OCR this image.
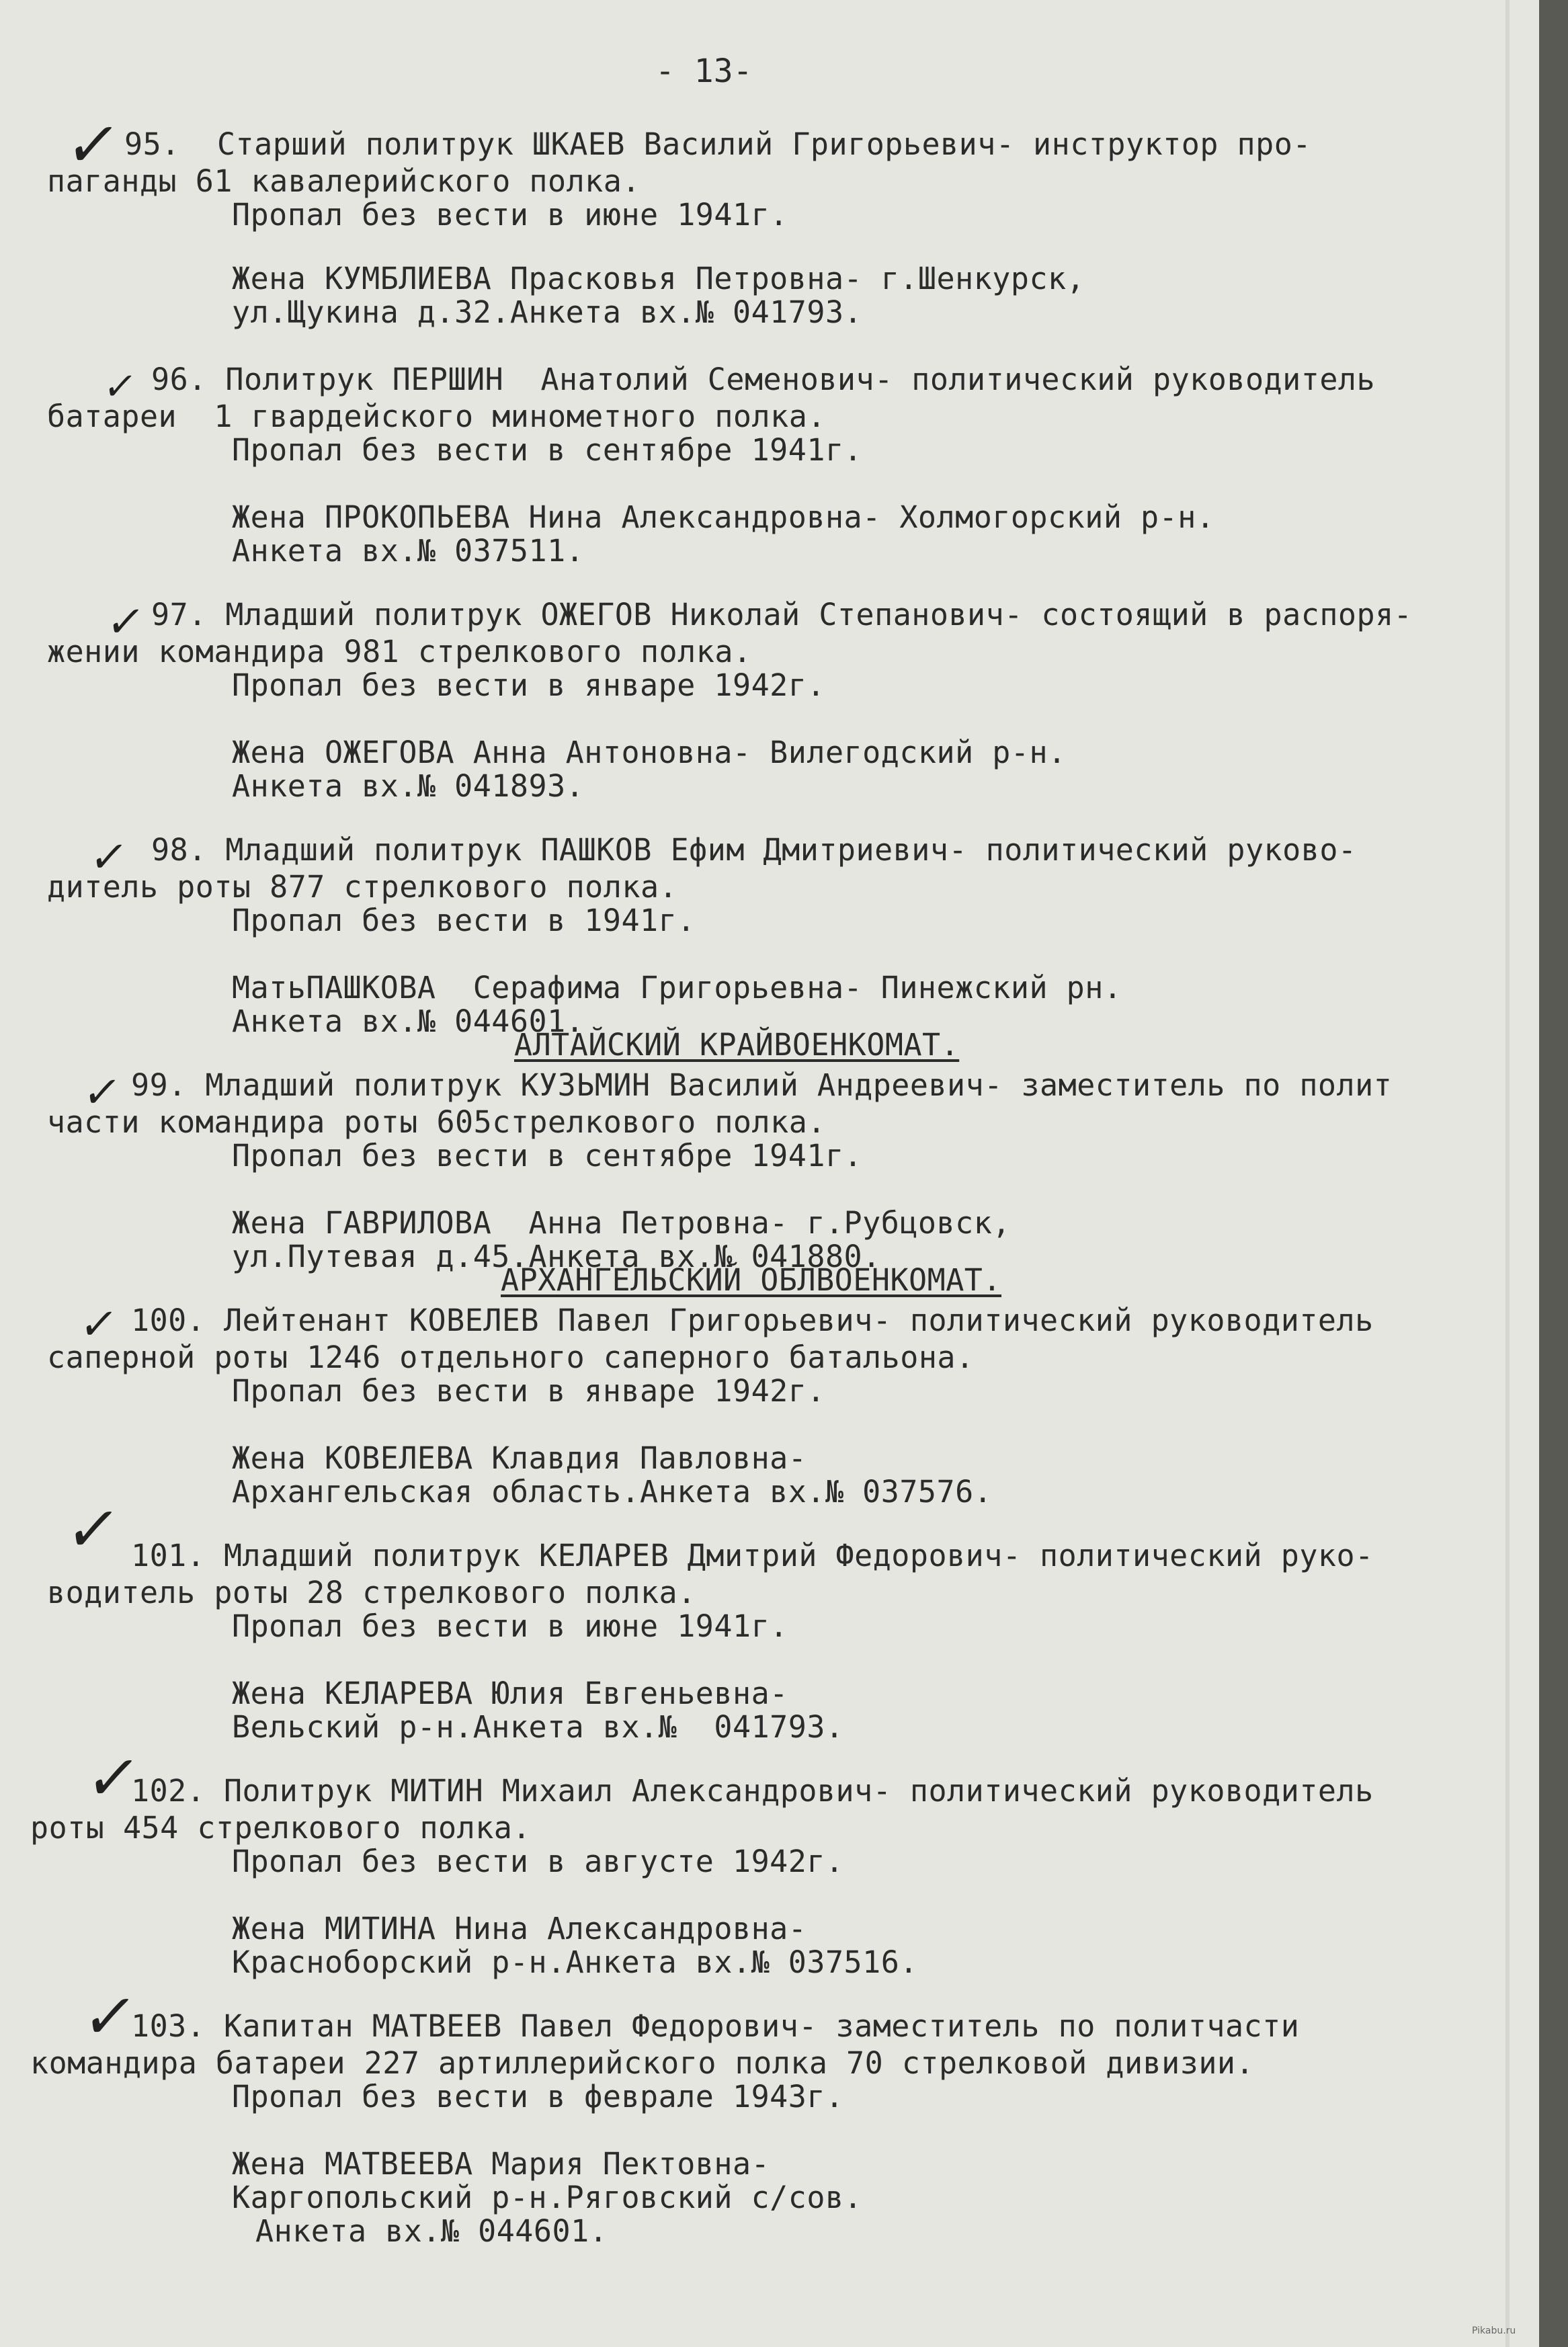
- 13-
✓
95.  Старший политрук ШКАЕВ Василий Григорьевич- инструктор про-
паганды 61 кавалерийского полка.
Пропал без вести в июне 1941г.
Жена КУМБЛИЕВА Прасковья Петровна- г.Шенкурск,
ул.Щукина д.32.Анкета вх.№ 041793.
✓ 96. Политрук ПЕРШИН  Анатолий Семенович- политический руководитель
батареи  1 гвардейского минометного полка.
Пропал без вести в сентябре 1941г.
Жена ПРОКОПЬЕВА Нина Александровна- Холмогорский р-н.
Анкета вх.№ 037511.
✓ 97. Младший политрук ОЖЕГОВ Николай Степанович- состоящий в распоря-
жении командира 981 стрелкового полка.
Пропал без вести в январе 1942г.
Жена ОЖЕГОВА Анна Антоновна- Вилегодский р-н.
Анкета вх.№ 041893.
✓ 98. Младший политрук ПАШКОВ Ефим Дмитриевич- политический руково-
дитель роты 877 стрелкового полка.
Пропал без вести в 1941г.
МатьПАШКОВА  Серафима Григорьевна- Пинежский рн.
Анкета вх.№ 044601.
АЛТАЙСКИЙ КРАЙВОЕНКОМАТ.
✓ 99. Младший политрук КУЗЬМИН Василий Андреевич- заместитель по полит
части командира роты 605стрелкового полка.
Пропал без вести в сентябре 1941г.
Жена ГАВРИЛОВА  Анна Петровна- г.Рубцовск,
ул.Путевая д.45.Анкета вх.№ 041880.
АРХАНГЕЛЬСКИЙ ОБЛВОЕНКОМАТ.
✓ 100. Лейтенант КОВЕЛЕВ Павел Григорьевич- политический руководитель
саперной роты 1246 отдельного саперного батальона.
Пропал без вести в январе 1942г.
Жена КОВЕЛЕВА Клавдия Павловна-
Архангельская область.Анкета вх.№ 037576.
✓ 101. Младший политрук КЕЛАРЕВ Дмитрий Федорович- политический руко-
водитель роты 28 стрелкового полка.
Пропал без вести в июне 1941г.
Жена КЕЛАРЕВА Юлия Евгеньевна-
Вельский р-н.Анкета вх.№  041793.
✓
102. Политрук МИТИН Михаил Александрович- политический руководитель
роты 454 стрелкового полка.
Пропал без вести в августе 1942г.
Жена МИТИНА Нина Александровна-
Красноборский р-н.Анкета вх.№ 037516.
✓
103. Капитан МАТВЕЕВ Павел Федорович- заместитель по политчасти
командира батареи 227 артиллерийского полка 70 стрелковой дивизии.
Пропал без вести в феврале 1943г.
Жена МАТВЕЕВА Мария Пектовна-
Каргопольский р-н.Ряговский с/сов.
Анкета вх.№ 044601.
Pikabu.ru
